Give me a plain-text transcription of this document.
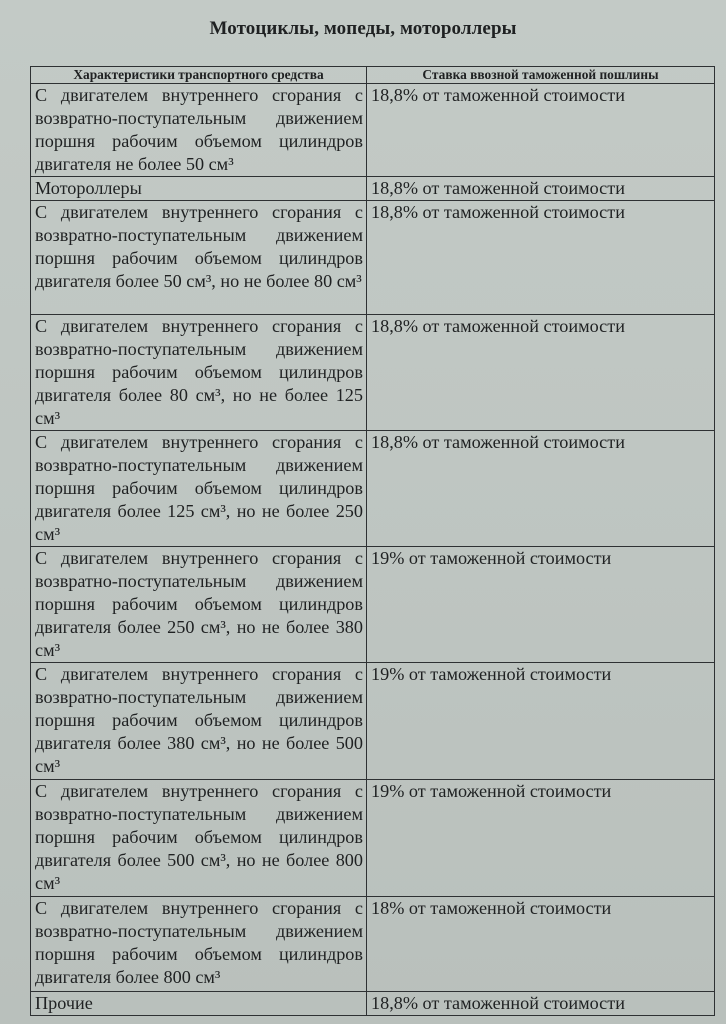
Мотоциклы, мопеды, мотороллеры
Характеристики транспортного средства	Ставка ввозной таможенной пошлины
С двигателем внутреннего сгорания с возвратно-поступательным движением поршня рабочим объемом цилиндров двигателя не более 50 см³	18,8% от таможенной стоимости
Мотороллеры	18,8% от таможенной стоимости
С двигателем внутреннего сгорания с возвратно-поступательным движением поршня рабочим объемом цилиндров двигателя более 50 см³, но не более 80 см³	18,8% от таможенной стоимости
С двигателем внутреннего сгорания с возвратно-поступательным движением поршня рабочим объемом цилиндров двигателя более 80 см³, но не более 125 см³	18,8% от таможенной стоимости
С двигателем внутреннего сгорания с возвратно-поступательным движением поршня рабочим объемом цилиндров двигателя более 125 см³, но не более 250 см³	18,8% от таможенной стоимости
С двигателем внутреннего сгорания с возвратно-поступательным движением поршня рабочим объемом цилиндров двигателя более 250 см³, но не более 380 см³	19% от таможенной стоимости
С двигателем внутреннего сгорания с возвратно-поступательным движением поршня рабочим объемом цилиндров двигателя более 380 см³, но не более 500 см³	19% от таможенной стоимости
С двигателем внутреннего сгорания с возвратно-поступательным движением поршня рабочим объемом цилиндров двигателя более 500 см³, но не более 800 см³	19% от таможенной стоимости
С двигателем внутреннего сгорания с возвратно-поступательным движением поршня рабочим объемом цилиндров двигателя более 800 см³	18% от таможенной стоимости
Прочие	18,8% от таможенной стоимости
